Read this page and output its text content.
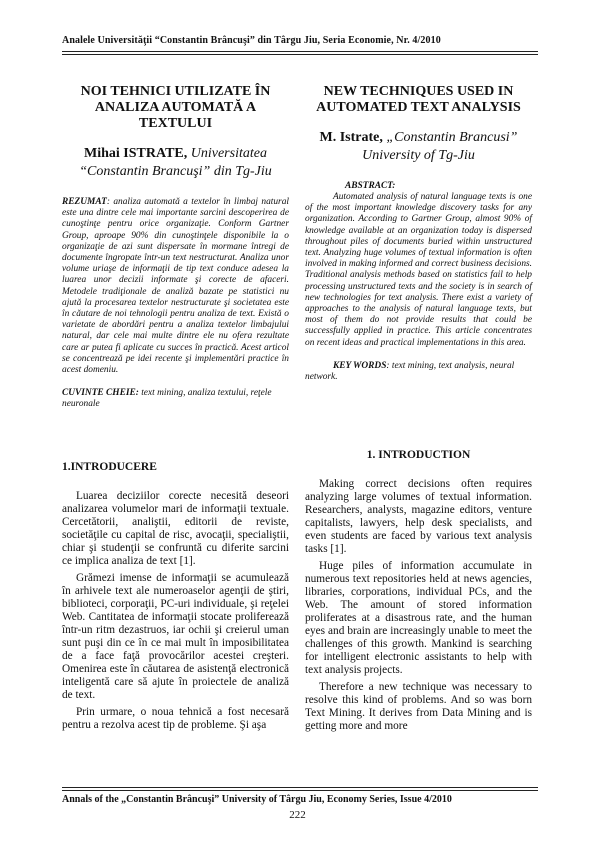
Analele Universităţii “Constantin Brâncuşi” din Târgu Jiu, Seria Economie, Nr. 4/2010
NOI TEHNICI UTILIZATE ÎN ANALIZA AUTOMATĂ A TEXTULUI

Mihai ISTRATE, Universitatea “Constantin Brancuşi” din Tg-Jiu

REZUMAT: analiza automată a textelor în limbaj natural este una dintre cele mai importante sarcini descoperirea de cunoştinţe pentru orice organizaţie. Conform Gartner Group, aproape 90% din cunoştinţele disponibile la o organizaţie de azi sunt dispersate în mormane întregi de documente îngropate într-un text nestructurat. Analiza unor volume uriaşe de informaţii de tip text conduce adesea la luarea unor decizii informate şi corecte de afaceri. Metodele tradiţionale de analiză bazate pe statistici nu ajută la procesarea textelor nestructurate şi societatea este în căutare de noi tehnologii pentru analiza de text. Există o varietate de abordări pentru a analiza textelor limbajului natural, dar cele mai multe dintre ele nu ofera rezultate care ar putea fi aplicate cu succes în practică. Acest articol se concentrează pe idei recente şi implementări practice în acest domeniu.

CUVINTE CHEIE: text mining, analiza textului, reţele neuronale

1.INTRODUCERE

Luarea deciziilor corecte necesită deseori analizarea volumelor mari de informaţii textuale. Cercetătorii, analiştii, editorii de reviste, societăţile cu capital de risc, avocaţii, specialiştii, chiar şi studenţii se confruntă cu diferite sarcini ce implica analiza de text [1].

Grămezi imense de informaţii se acumulează în arhivele text ale numeroaselor agenţii de ştiri, biblioteci, corporaţii, PC-uri individuale, şi reţelei Web. Cantitatea de informaţii stocate proliferează într-un ritm dezastruos, iar ochii şi creierul uman sunt puşi din ce în ce mai mult în imposibilitatea de a face faţă provocărilor acestei creşteri. Omenirea este în căutarea de asistenţă electronică inteligentă care să ajute în proiectele de analiză de text.

Prin urmare, o noua tehnică a fost necesară pentru a rezolva acest tip de probleme. Şi aşa

NEW TECHNIQUES USED IN AUTOMATED TEXT ANALYSIS

M. Istrate, „Constantin Brancusi” University of Tg-Jiu

ABSTRACT:

Automated analysis of natural language texts is one of the most important knowledge discovery tasks for any organization. According to Gartner Group, almost 90% of knowledge available at an organization today is dispersed throughout piles of documents buried within unstructured text. Analyzing huge volumes of textual information is often involved in making informed and correct business decisions. Traditional analysis methods based on statistics fail to help processing unstructured texts and the society is in search of new technologies for text analysis. There exist a variety of approaches to the analysis of natural language texts, but most of them do not provide results that could be successfully applied in practice. This article concentrates on recent ideas and practical implementations in this area.

KEY WORDS: text mining, text analysis, neural network.

1. INTRODUCTION

Making correct decisions often requires analyzing large volumes of textual information. Researchers, analysts, magazine editors, venture capitalists, lawyers, help desk specialists, and even students are faced by various text analysis tasks [1].

Huge piles of information accumulate in numerous text repositories held at news agencies, libraries, corporations, individual PCs, and the Web. The amount of stored information proliferates at a disastrous rate, and the human eyes and brain are increasingly unable to meet the challenges of this growth. Mankind is searching for intelligent electronic assistants to help with text analysis projects.

Therefore a new technique was necessary to resolve this kind of problems. And so was born Text Mining. It derives from Data Mining and is getting more and more

Annals of the „Constantin Brâncuşi” University of Târgu Jiu, Economy Series, Issue 4/2010
222
